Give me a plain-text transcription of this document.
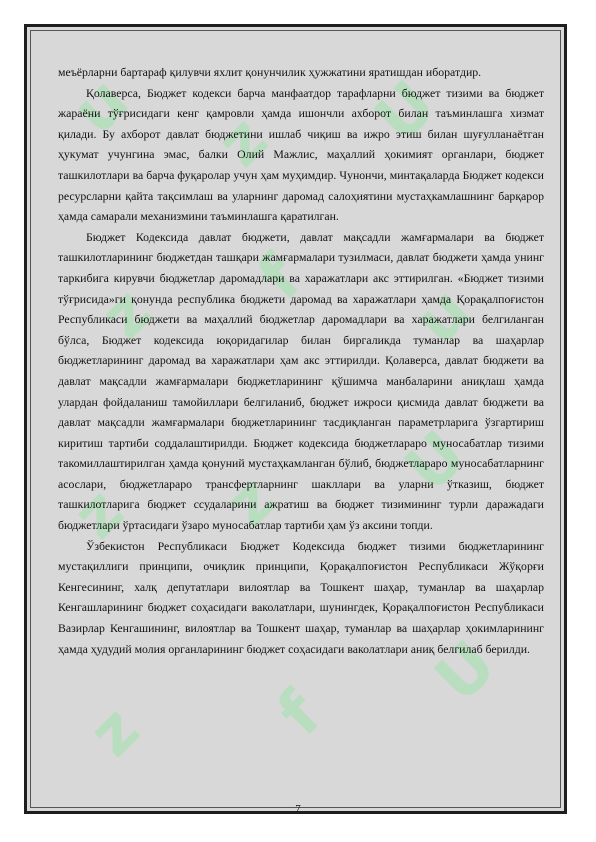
u z U
z f u
z z U
z f U

меъёрларни бартараф қилувчи яхлит қонунчилик ҳужжатини яратишдан иборатдир.

Қолаверса, Бюджет кодекси барча манфаатдор тарафларни бюджет тизими ва бюджет жараёни тўғрисидаги кенг қамровли ҳамда ишончли ахборот билан таъминлашга хизмат қилади. Бу ахборот давлат бюджетини ишлаб чиқиш ва ижро этиш билан шуғулланаётган ҳукумат учунгина эмас, балки Олий Мажлис, маҳаллий ҳокимият органлари, бюджет ташкилотлари ва барча фуқаролар учун ҳам муҳимдир. Чунончи, минтақаларда Бюджет кодекси ресурсларни қайта тақсимлаш ва уларнинг даромад салоҳиятини мустаҳкамлашнинг барқарор ҳамда самарали механизмини таъминлашга қаратилган.

Бюджет Кодексида давлат бюджети, давлат мақсадли жамғармалари ва бюджет ташкилотларининг бюджетдан ташқари жамғармалари тузилмаси, давлат бюджети ҳамда унинг таркибига кирувчи бюджетлар даромадлари ва харажатлари акс эттирилган. «Бюджет тизими тўғрисида»ги қонунда республика бюджети даромад ва харажатлари ҳамда Қорақалпоғистон Республикаси бюджети ва маҳаллий бюджетлар даромадлари ва харажатлари белгиланган бўлса, Бюджет кодексида юқоридагилар билан биргаликда туманлар ва шаҳарлар бюджетларининг даромад ва харажатлари ҳам акс эттирилди. Қолаверса, давлат бюджети ва давлат мақсадли жамғармалари бюджетларининг қўшимча манбаларини аниқлаш ҳамда улардан фойдаланиш тамойиллари белгиланиб, бюджет ижроси қисмида давлат бюджети ва давлат мақсадли жамғармалари бюджетларининг тасдиқланган параметрларига ўзгартириш киритиш тартиби соддалаштирилди. Бюджет кодексида бюджетлараро муносабатлар тизими такомиллаштирилган ҳамда қонуний мустаҳкамланган бўлиб, бюджетлараро муносабатларнинг асослари, бюджетлараро трансфертларнинг шакллари ва уларни ўтказиш, бюджет ташкилотларига бюджет ссудаларини ажратиш ва бюджет тизимининг турли даражадаги бюджетлари ўртасидаги ўзаро муносабатлар тартиби ҳам ўз аксини топди.

Ўзбекистон Республикаси Бюджет Кодексида бюджет тизими бюджетларининг мустақиллиги принципи, очиқлик принципи, Қорақалпоғистон Республикаси Жўқорғи Кенгесининг, халқ депутатлари вилоятлар ва Тошкент шаҳар, туманлар ва шаҳарлар Кенгашларининг бюджет соҳасидаги ваколатлари, шунингдек, Қорақалпоғистон Республикаси Вазирлар Кенгашининг, вилоятлар ва Тошкент шаҳар, туманлар ва шаҳарлар ҳокимларининг ҳамда ҳудудий молия органларининг бюджет соҳасидаги ваколатлари аниқ белгилаб берилди.

7
